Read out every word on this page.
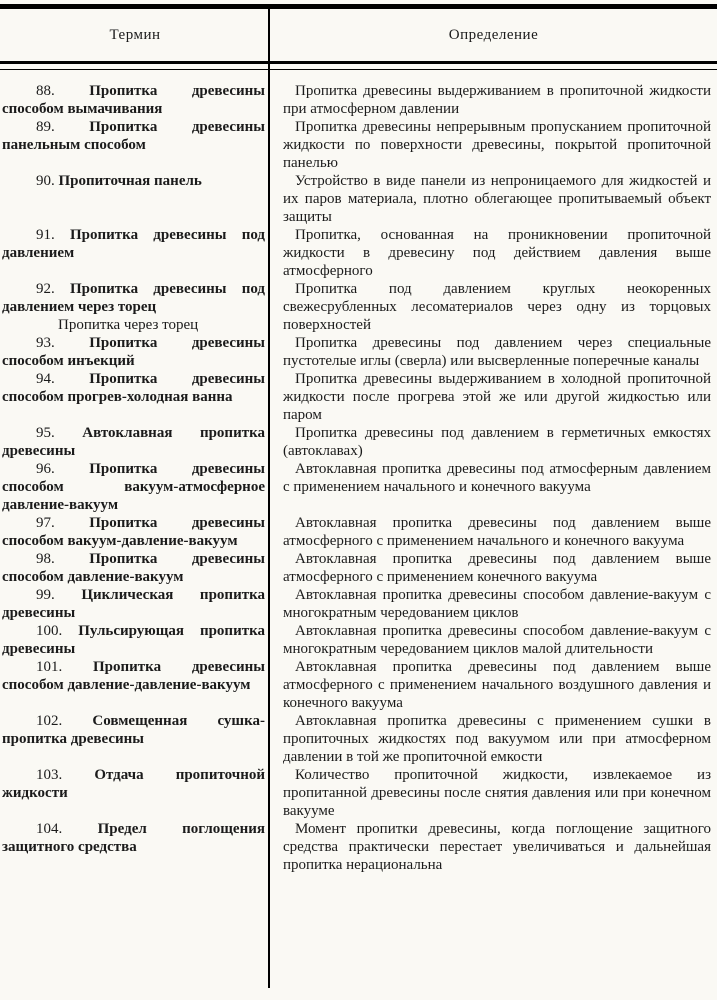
Термин	Определение

88. Пропитка древесины способом вымачивания

Пропитка древесины выдерживанием в пропиточной жидкости при атмосферном давлении

89. Пропитка древесины панельным способом

Пропитка древесины непрерывным пропусканием пропиточной жидкости по поверхности древесины, покрытой пропиточной панелью

90. Пропиточная панель	Устройство в виде панели из непроницаемого для жидкостей и их паров материала, плотно облегающее пропитываемый объект защиты

91. Пропитка древесины под давлением

Пропитка, основанная на проникновении пропиточной жидкости в древесину под действием давления выше атмосферного

92. Пропитка древесины под давлением через торец

Пропитка через торец

Пропитка под давлением круглых неокоренных свежесрубленных лесоматериалов через одну из торцовых поверхностей

93. Пропитка древесины способом инъекций

Пропитка древесины под давлением через специальные пустотелые иглы (сверла) или высверленные поперечные каналы

94. Пропитка древесины способом прогрев-холодная ванна

Пропитка древесины выдерживанием в холодной пропиточной жидкости после прогрева этой же или другой жидкостью или паром

95. Автоклавная пропитка древесины

Пропитка древесины под давлением в герметичных емкостях (автоклавах)

96. Пропитка древесины способом вакуум-атмосферное давление-вакуум

Автоклавная пропитка древесины под атмосферным давлением с применением начального и конечного вакуума

97. Пропитка древесины способом вакуум-давление-вакуум

Автоклавная пропитка древесины под давлением выше атмосферного с применением начального и конечного вакуума

98. Пропитка древесины способом давление-вакуум

Автоклавная пропитка древесины под давлением выше атмосферного с применением конечного вакуума

99. Циклическая пропитка древесины

Автоклавная пропитка древесины способом давление-вакуум с многократным чередованием циклов

100. Пульсирующая пропитка древесины

Автоклавная пропитка древесины способом давление-вакуум с многократным чередованием циклов малой длительности

101. Пропитка древесины способом давление-давление-вакуум

Автоклавная пропитка древесины под давлением выше атмосферного с применением начального воздушного давления и конечного вакуума

102. Совмещенная сушка-пропитка древесины

Автоклавная пропитка древесины с применением сушки в пропиточных жидкостях под вакуумом или при атмосферном давлении в той же пропиточной емкости

103. Отдача пропиточной жидкости

Количество пропиточной жидкости, извлекаемое из пропитанной древесины после снятия давления или при конечном вакууме

104. Предел поглощения защитного средства

Момент пропитки древесины, когда поглощение защитного средства практически перестает увеличиваться и дальнейшая пропитка нерациональна
